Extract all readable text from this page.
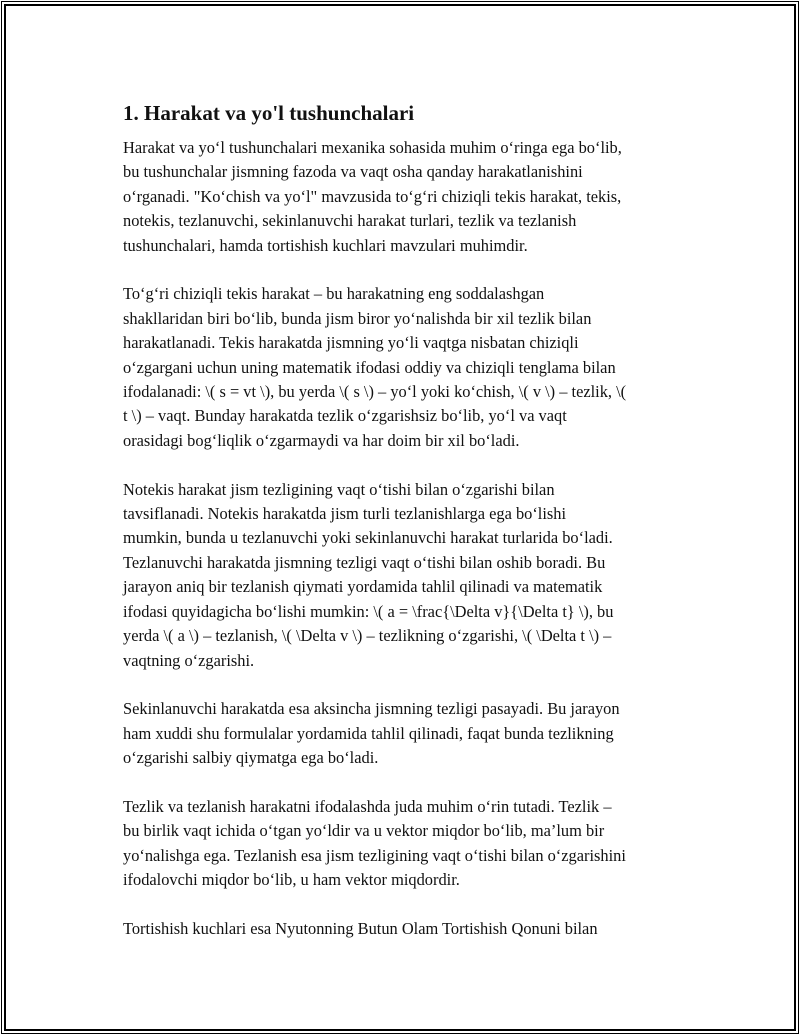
1. Harakat va yo'l tushunchalari

Harakat va yo‘l tushunchalari mexanika sohasida muhim o‘ringa ega bo‘lib,
bu tushunchalar jismning fazoda va vaqt osha qanday harakatlanishini
o‘rganadi. "Ko‘chish va yo‘l" mavzusida to‘g‘ri chiziqli tekis harakat, tekis,
notekis, tezlanuvchi, sekinlanuvchi harakat turlari, tezlik va tezlanish
tushunchalari, hamda tortishish kuchlari mavzulari muhimdir.

To‘g‘ri chiziqli tekis harakat – bu harakatning eng soddalashgan
shakllaridan biri bo‘lib, bunda jism biror yo‘nalishda bir xil tezlik bilan
harakatlanadi. Tekis harakatda jismning yo‘li vaqtga nisbatan chiziqli
o‘zgargani uchun uning matematik ifodasi oddiy va chiziqli tenglama bilan
ifodalanadi: \( s = vt \), bu yerda \( s \) – yo‘l yoki ko‘chish, \( v \) – tezlik, \(
t \) – vaqt. Bunday harakatda tezlik o‘zgarishsiz bo‘lib, yo‘l va vaqt
orasidagi bog‘liqlik o‘zgarmaydi va har doim bir xil bo‘ladi.

Notekis harakat jism tezligining vaqt o‘tishi bilan o‘zgarishi bilan
tavsiflanadi. Notekis harakatda jism turli tezlanishlarga ega bo‘lishi
mumkin, bunda u tezlanuvchi yoki sekinlanuvchi harakat turlarida bo‘ladi.
Tezlanuvchi harakatda jismning tezligi vaqt o‘tishi bilan oshib boradi. Bu
jarayon aniq bir tezlanish qiymati yordamida tahlil qilinadi va matematik
ifodasi quyidagicha bo‘lishi mumkin: \( a = \frac{\Delta v}{\Delta t} \), bu
yerda \( a \) – tezlanish, \( \Delta v \) – tezlikning o‘zgarishi, \( \Delta t \) –
vaqtning o‘zgarishi.

Sekinlanuvchi harakatda esa aksincha jismning tezligi pasayadi. Bu jarayon
ham xuddi shu formulalar yordamida tahlil qilinadi, faqat bunda tezlikning
o‘zgarishi salbiy qiymatga ega bo‘ladi.

Tezlik va tezlanish harakatni ifodalashda juda muhim o‘rin tutadi. Tezlik –
bu birlik vaqt ichida o‘tgan yo‘ldir va u vektor miqdor bo‘lib, ma’lum bir
yo‘nalishga ega. Tezlanish esa jism tezligining vaqt o‘tishi bilan o‘zgarishini
ifodalovchi miqdor bo‘lib, u ham vektor miqdordir.

Tortishish kuchlari esa Nyutonning Butun Olam Tortishish Qonuni bilan
